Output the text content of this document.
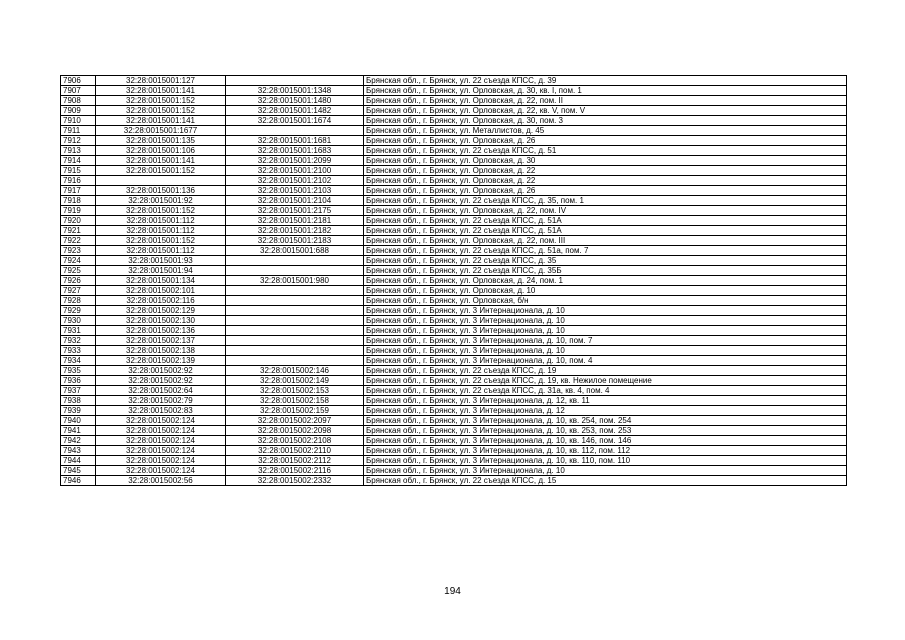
7906	32:28:0015001:127		Брянская обл., г. Брянск, ул. 22 съезда КПСС, д. 39
7907	32:28:0015001:141	32:28:0015001:1348	Брянская обл., г. Брянск, ул. Орловская, д. 30, кв. I, пом. 1
7908	32:28:0015001:152	32:28:0015001:1480	Брянская обл., г. Брянск, ул. Орловская, д. 22, пом. II
7909	32:28:0015001:152	32:28:0015001:1482	Брянская обл., г. Брянск, ул. Орловская, д. 22, кв. V, пом. V
7910	32:28:0015001:141	32:28:0015001:1674	Брянская обл., г. Брянск, ул. Орловская, д. 30, пом. 3
7911	32:28:0015001:1677		Брянская обл., г. Брянск, ул. Металлистов, д. 45
7912	32:28:0015001:135	32:28:0015001:1681	Брянская обл., г. Брянск, ул. Орловская, д. 26
7913	32:28:0015001:106	32:28:0015001:1683	Брянская обл., г. Брянск, ул. 22 съезда КПСС, д. 51
7914	32:28:0015001:141	32:28:0015001:2099	Брянская обл., г. Брянск, ул. Орловская, д. 30
7915	32:28:0015001:152	32:28:0015001:2100	Брянская обл., г. Брянск, ул. Орловская, д. 22
7916		32:28:0015001:2102	Брянская обл., г. Брянск, ул. Орловская, д. 22
7917	32:28:0015001:136	32:28:0015001:2103	Брянская обл., г. Брянск, ул. Орловская, д. 26
7918	32:28:0015001:92	32:28:0015001:2104	Брянская обл., г. Брянск, ул. 22 съезда КПСС, д. 35, пом. 1
7919	32:28:0015001:152	32:28:0015001:2175	Брянская обл., г. Брянск, ул. Орловская, д. 22, пом. IV
7920	32:28:0015001:112	32:28:0015001:2181	Брянская обл., г. Брянск, ул. 22 съезда КПСС, д. 51А
7921	32:28:0015001:112	32:28:0015001:2182	Брянская обл., г. Брянск, ул. 22 съезда КПСС, д. 51А
7922	32:28:0015001:152	32:28:0015001:2183	Брянская обл., г. Брянск, ул. Орловская, д. 22, пом. III
7923	32:28:0015001:112	32:28:0015001:688	Брянская обл., г. Брянск, ул. 22 съезда КПСС, д. 51а, пом. 7
7924	32:28:0015001:93		Брянская обл., г. Брянск, ул. 22 съезда КПСС, д. 35
7925	32:28:0015001:94		Брянская обл., г. Брянск, ул. 22 съезда КПСС, д. 35Б
7926	32:28:0015001:134	32:28:0015001:980	Брянская обл., г. Брянск, ул. Орловская, д. 24, пом. 1
7927	32:28:0015002:101		Брянская обл., г. Брянск, ул. Орловская, д. 10
7928	32:28:0015002:116		Брянская обл., г. Брянск, ул. Орловская, б/н
7929	32:28:0015002:129		Брянская обл., г. Брянск, ул. 3 Интернационала, д. 10
7930	32:28:0015002:130		Брянская обл., г. Брянск, ул. 3 Интернационала, д. 10
7931	32:28:0015002:136		Брянская обл., г. Брянск, ул. 3 Интернационала, д. 10
7932	32:28:0015002:137		Брянская обл., г. Брянск, ул. 3 Интернационала, д. 10, пом. 7
7933	32:28:0015002:138		Брянская обл., г. Брянск, ул. 3 Интернационала, д. 10
7934	32:28:0015002:139		Брянская обл., г. Брянск, ул. 3 Интернационала, д. 10, пом. 4
7935	32:28:0015002:92	32:28:0015002:146	Брянская обл., г. Брянск, ул. 22 съезда КПСС, д. 19
7936	32:28:0015002:92	32:28:0015002:149	Брянская обл., г. Брянск, ул. 22 съезда КПСС, д. 19, кв. Нежилое помещение
7937	32:28:0015002:64	32:28:0015002:153	Брянская обл., г. Брянск, ул. 22 съезда КПСС, д. 31а, кв. 4, пом. 4
7938	32:28:0015002:79	32:28:0015002:158	Брянская обл., г. Брянск, ул. 3 Интернационала, д. 12, кв. 11
7939	32:28:0015002:83	32:28:0015002:159	Брянская обл., г. Брянск, ул. 3 Интернационала, д. 12
7940	32:28:0015002:124	32:28:0015002:2097	Брянская обл., г. Брянск, ул. 3 Интернационала, д. 10, кв. 254, пом. 254
7941	32:28:0015002:124	32:28:0015002:2098	Брянская обл., г. Брянск, ул. 3 Интернационала, д. 10, кв. 253, пом. 253
7942	32:28:0015002:124	32:28:0015002:2108	Брянская обл., г. Брянск, ул. 3 Интернационала, д. 10, кв. 146, пом. 146
7943	32:28:0015002:124	32:28:0015002:2110	Брянская обл., г. Брянск, ул. 3 Интернационала, д. 10, кв. 112, пом. 112
7944	32:28:0015002:124	32:28:0015002:2112	Брянская обл., г. Брянск, ул. 3 Интернационала, д. 10, кв. 110, пом. 110
7945	32:28:0015002:124	32:28:0015002:2116	Брянская обл., г. Брянск, ул. 3 Интернационала, д. 10
7946	32:28:0015002:56	32:28:0015002:2332	Брянская обл., г. Брянск, ул. 22 съезда КПСС, д. 15
194
